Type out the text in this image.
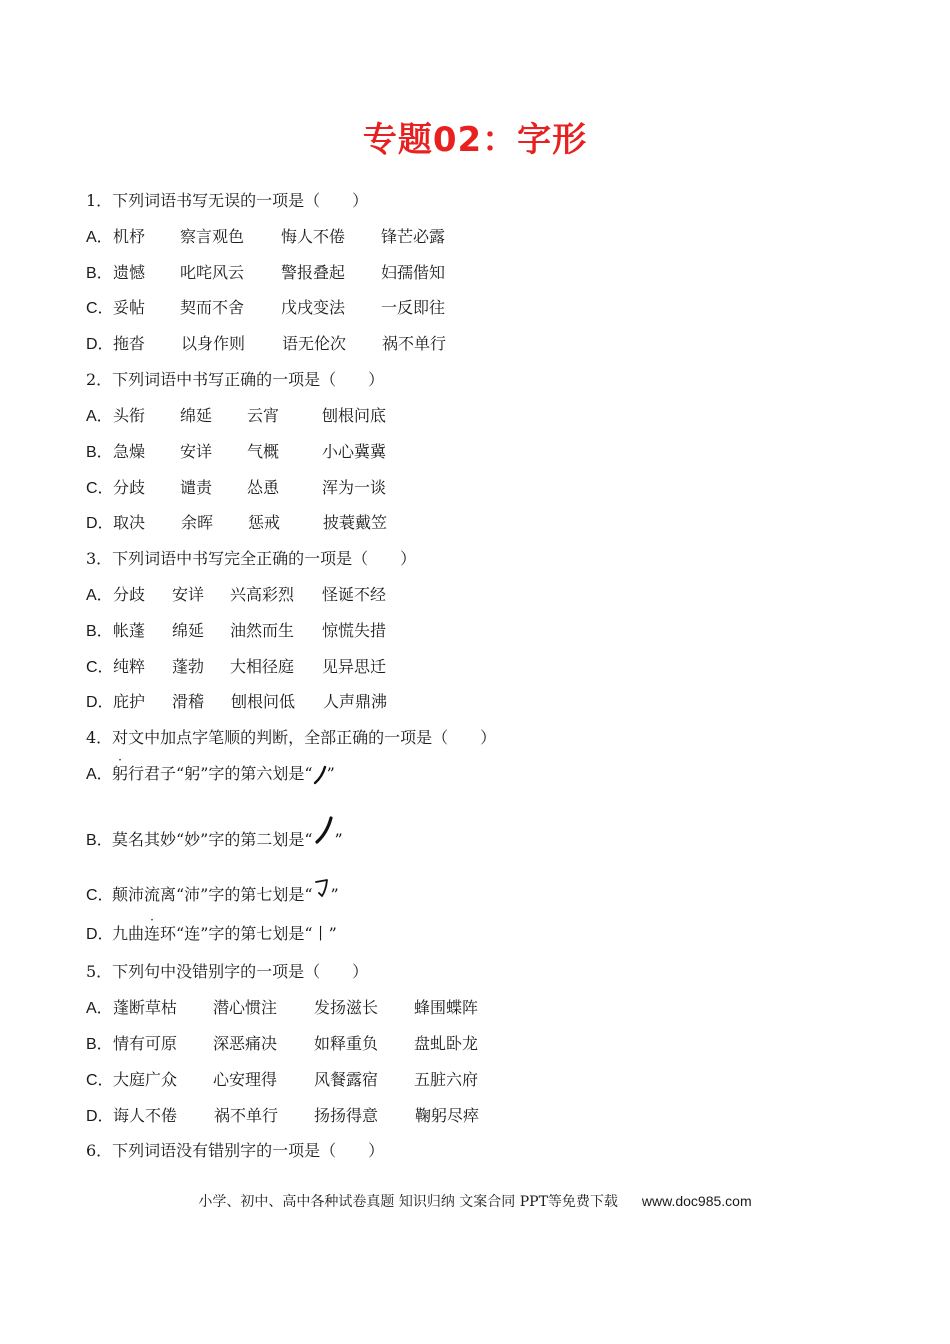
专题02：字形
1．下列词语书写无误的一项是（　　）
A． 机杼 察言观色 悔人不倦 锋芒必露
B． 遗憾 叱咤风云 警报叠起 妇孺偕知
C． 妥帖 契而不舍 戊戌变法 一反即往
D． 拖沓 以身作则 语无伦次 祸不单行
2．下列词语中书写正确的一项是（　　）
A． 头衔 绵延 云宵	刨根问底
B． 急燥 安详 气概	小心冀冀
C． 分歧 谴责 怂恿	浑为一谈
D． 取决 余晖 惩戒	披蓑戴笠
3．下列词语中书写完全正确的一项是（　　）
A． 分歧 安详 兴高彩烈 怪诞不经
B． 帐蓬 绵延 油然而生 惊慌失措
C． 纯粹 蓬勃 大相径庭 见异思迁
D． 庇护 滑稽 刨根问低 人声鼎沸
4．对文中加点字笔顺的判断，全部正确的一项是（　　）
A．
·
躬行君子“躬”字的第六划是“ ”
B．莫名其妙“妙”字的第二划是“ ”
C．颠沛流离“沛”字的第七划是“ ”
D．九曲
·
连环“连”字的第七划是“丨”
5．下列句中没错别字的一项是（　　）
A． 蓬断草枯 潜心惯注 发扬滋长 蜂围蝶阵
B． 情有可原 深恶痛决 如释重负 盘虬卧龙
C． 大庭广众 心安理得 风餐露宿 五脏六府
D． 诲人不倦 祸不单行 扬扬得意 鞠躬尽瘁
6．下列词语没有错别字的一项是（　　）
小学、初中、高中各种试卷真题 知识归纳 文案合同 PPT等免费下载 www.doc985.com
